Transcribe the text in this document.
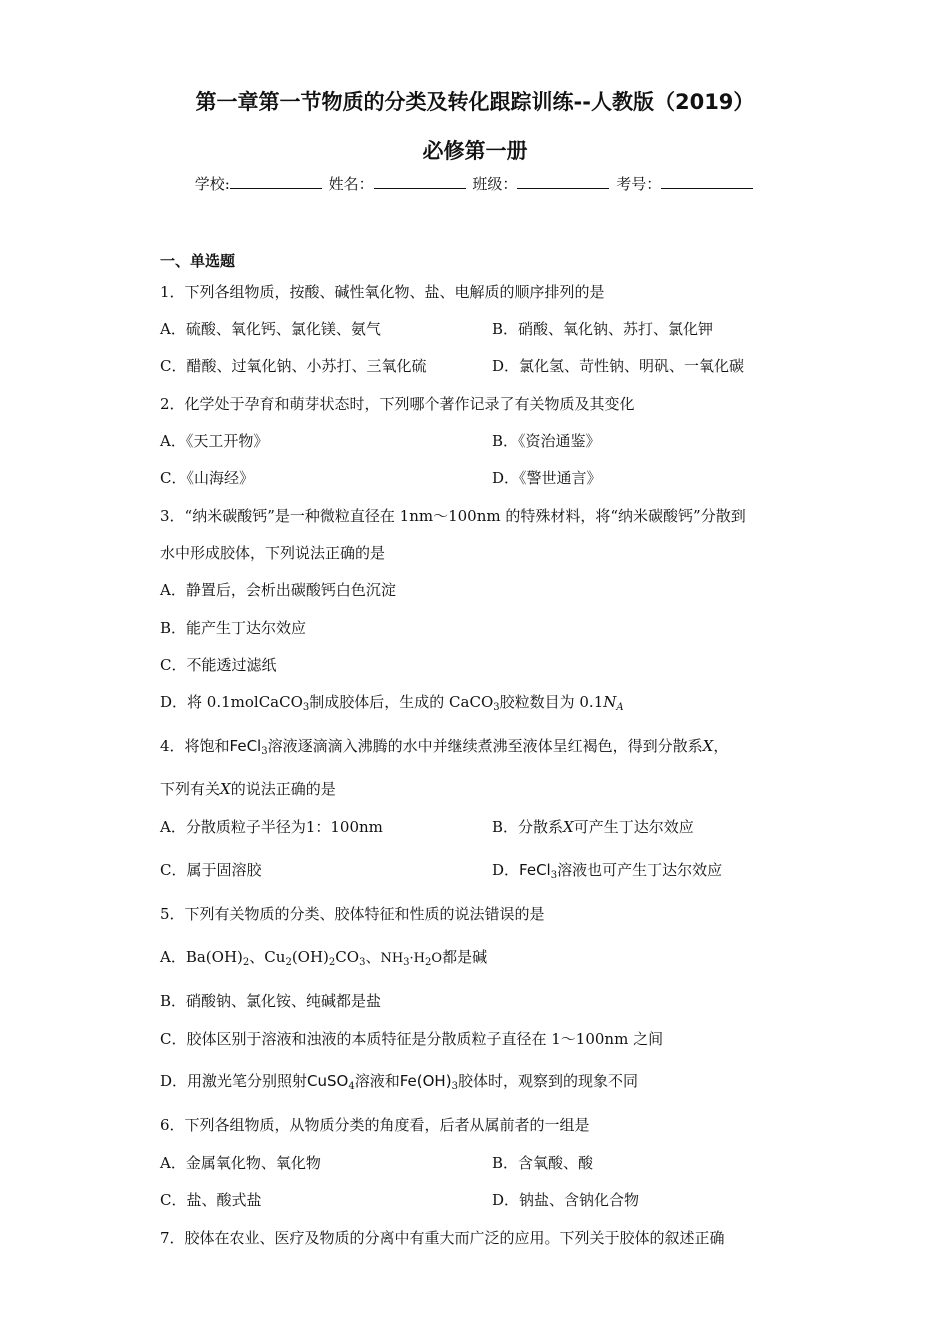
第一章第一节物质的分类及转化跟踪训练--人教版（2019）
必修第一册
学校:	姓名：	班级：	考号：
一、单选题
1．下列各组物质，按酸、碱性氧化物、盐、电解质的顺序排列的是
A．硫酸、氧化钙、氯化镁、氨气	B．硝酸、氧化钠、苏打、氯化钾
C．醋酸、过氧化钠、小苏打、三氧化硫	D．氯化氢、苛性钠、明矾、一氧化碳
2．化学处于孕育和萌芽状态时，下列哪个著作记录了有关物质及其变化
A．《天工开物》	B．《资治通鉴》
C．《山海经》	D．《警世通言》
3．“纳米碳酸钙”是一种微粒直径在 1nm～100nm 的特殊材料，将“纳米碳酸钙”分散到
水中形成胶体，下列说法正确的是
A．静置后，会析出碳酸钙白色沉淀
B．能产生丁达尔效应
C．不能透过滤纸
D．将 0.1molCaCO$_3$制成胶体后，生成的 CaCO$_3$胶粒数目为 $0.1N_A$
4．将饱和FeCl$_3$溶液逐滴滴入沸腾的水中并继续煮沸至液体呈红褐色，得到分散系X，
下列有关X的说法正确的是
A．分散质粒子半径为1：100nm	B．分散系X可产生丁达尔效应
C．属于固溶胶	D．FeCl$_3$溶液也可产生丁达尔效应
5．下列有关物质的分类、胶体特征和性质的说法错误的是
A．$Ba(OH)_2$、$Cu_2(OH)_2CO_3$、$NH_3\cdot H_2O$都是碱
B．硝酸钠、氯化铵、纯碱都是盐
C．胶体区别于溶液和浊液的本质特征是分散质粒子直径在 1～100nm 之间
D．用激光笔分别照射CuSO$_4$溶液和$Fe(OH)_3$胶体时，观察到的现象不同
6．下列各组物质，从物质分类的角度看，后者从属前者的一组是
A．金属氧化物、氧化物	B．含氧酸、酸
C．盐、酸式盐	D．钠盐、含钠化合物
7．胶体在农业、医疗及物质的分离中有重大而广泛的应用。下列关于胶体的叙述正确
